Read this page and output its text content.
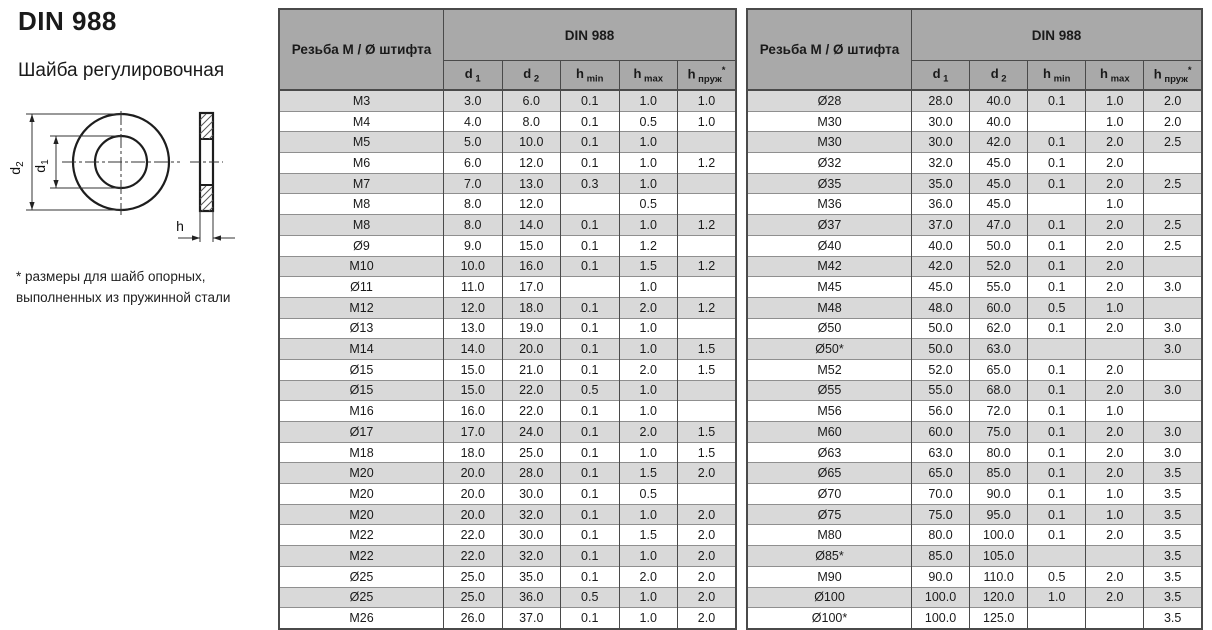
DIN 988
Шайба регулировочная
$d_2$
$d_1$
h
* размеры для шайб опорных,
выполненных из пружинной стали
Резьба М / Ø штифта	DIN 988				
	d $_1$	d $_2$	h $_{min}$	h $_{max}$	h $_{пруж}$*
M3	3.0	6.0	0.1	1.0	1.0
M4	4.0	8.0	0.1	0.5	1.0
M5	5.0	10.0	0.1	1.0	
M6	6.0	12.0	0.1	1.0	1.2
M7	7.0	13.0	0.3	1.0	
M8	8.0	12.0		0.5	
M8	8.0	14.0	0.1	1.0	1.2
Ø9	9.0	15.0	0.1	1.2	
M10	10.0	16.0	0.1	1.5	1.2
Ø11	11.0	17.0		1.0	
M12	12.0	18.0	0.1	2.0	1.2
Ø13	13.0	19.0	0.1	1.0	
M14	14.0	20.0	0.1	1.0	1.5
Ø15	15.0	21.0	0.1	2.0	1.5
Ø15	15.0	22.0	0.5	1.0	
M16	16.0	22.0	0.1	1.0	
Ø17	17.0	24.0	0.1	2.0	1.5
M18	18.0	25.0	0.1	1.0	1.5
M20	20.0	28.0	0.1	1.5	2.0
M20	20.0	30.0	0.1	0.5	
M20	20.0	32.0	0.1	1.0	2.0
M22	22.0	30.0	0.1	1.5	2.0
M22	22.0	32.0	0.1	1.0	2.0
Ø25	25.0	35.0	0.1	2.0	2.0
Ø25	25.0	36.0	0.5	1.0	2.0
M26	26.0	37.0	0.1	1.0	2.0
Резьба М / Ø штифта	DIN 988				
	d $_1$	d $_2$	h $_{min}$	h $_{max}$	h $_{пруж}$*
Ø28	28.0	40.0	0.1	1.0	2.0
M30	30.0	40.0		1.0	2.0
M30	30.0	42.0	0.1	2.0	2.5
Ø32	32.0	45.0	0.1	2.0	
Ø35	35.0	45.0	0.1	2.0	2.5
M36	36.0	45.0		1.0	
Ø37	37.0	47.0	0.1	2.0	2.5
Ø40	40.0	50.0	0.1	2.0	2.5
M42	42.0	52.0	0.1	2.0	
M45	45.0	55.0	0.1	2.0	3.0
M48	48.0	60.0	0.5	1.0	
Ø50	50.0	62.0	0.1	2.0	3.0
Ø50*	50.0	63.0			3.0
M52	52.0	65.0	0.1	2.0	
Ø55	55.0	68.0	0.1	2.0	3.0
M56	56.0	72.0	0.1	1.0	
M60	60.0	75.0	0.1	2.0	3.0
Ø63	63.0	80.0	0.1	2.0	3.0
Ø65	65.0	85.0	0.1	2.0	3.5
Ø70	70.0	90.0	0.1	1.0	3.5
Ø75	75.0	95.0	0.1	1.0	3.5
M80	80.0	100.0	0.1	2.0	3.5
Ø85*	85.0	105.0			3.5
M90	90.0	110.0	0.5	2.0	3.5
Ø100	100.0	120.0	1.0	2.0	3.5
Ø100*	100.0	125.0			3.5
